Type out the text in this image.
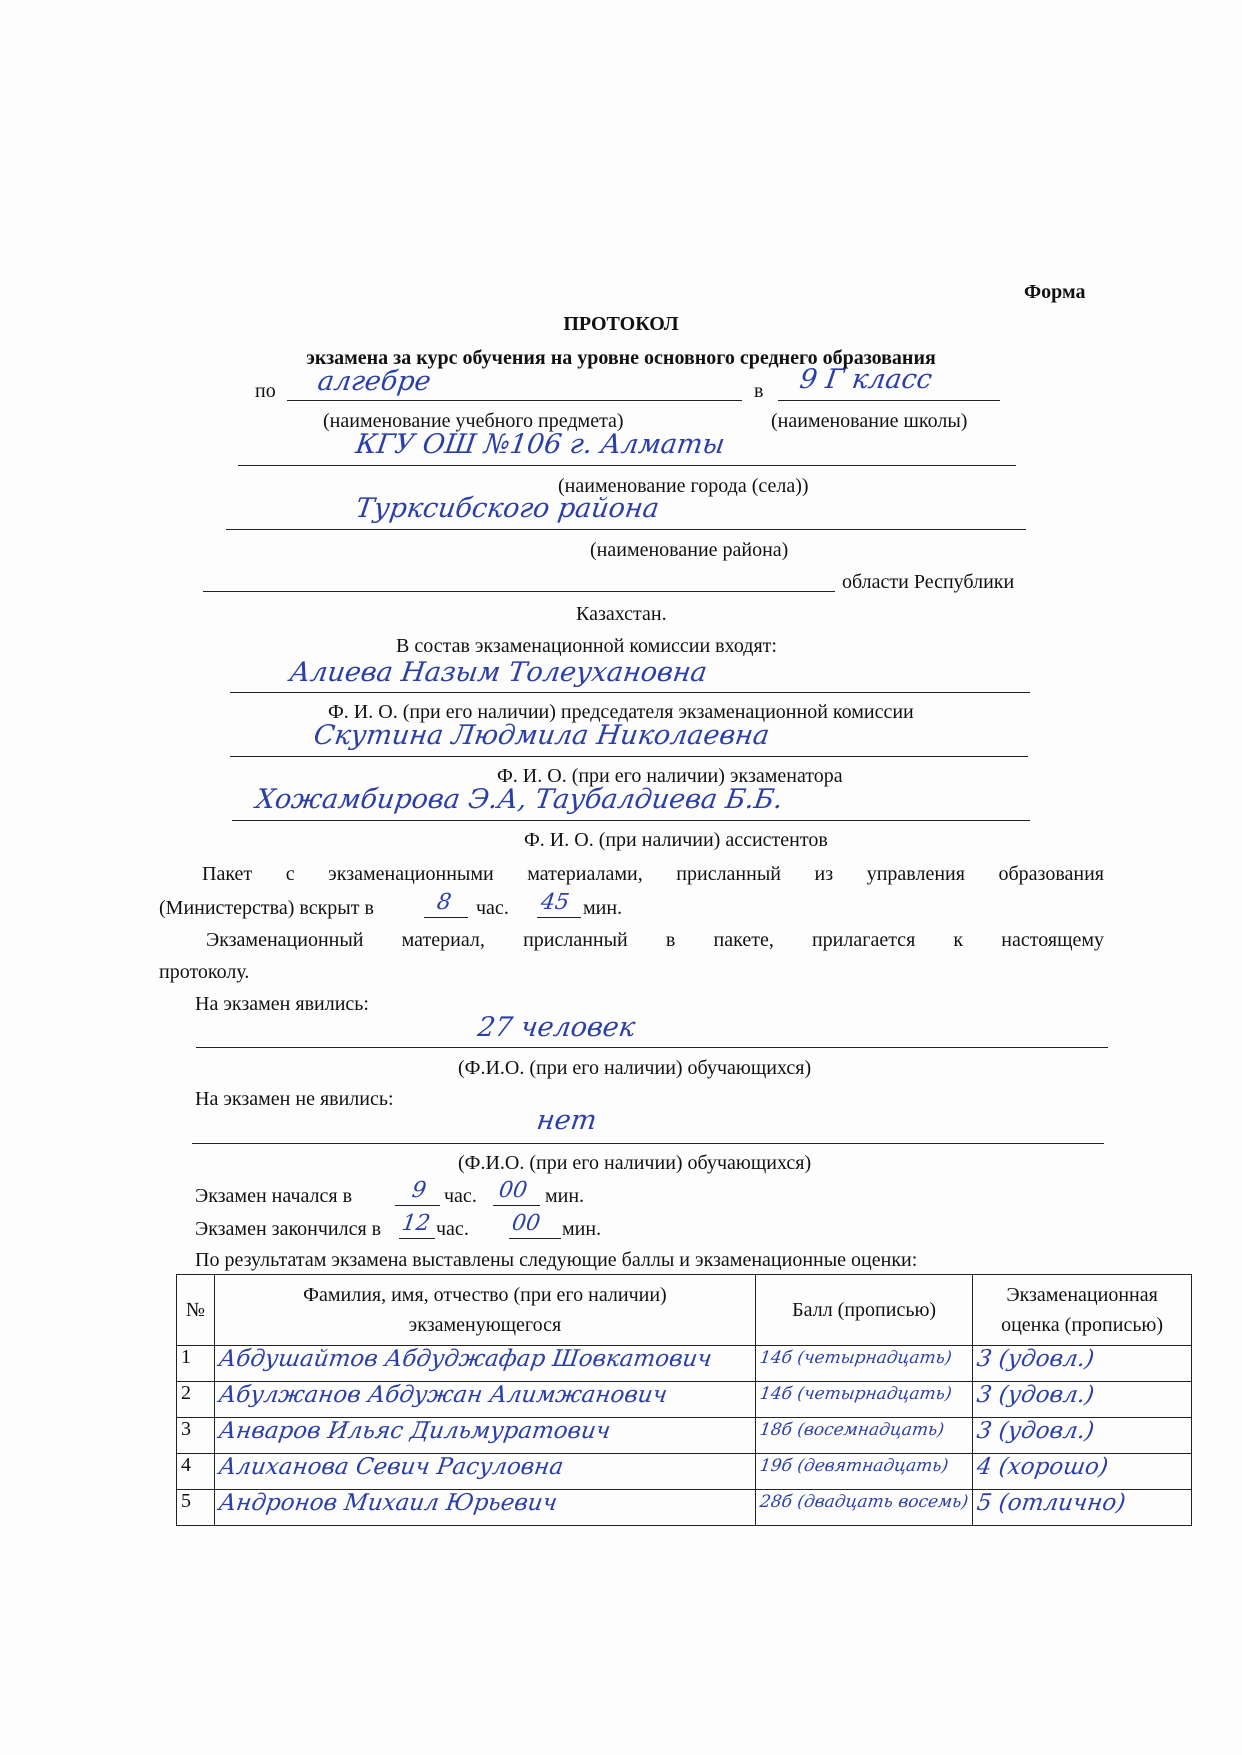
Форма
ПРОТОКОЛ
экзамена за курс обучения на уровне основного среднего образования
по алгебре	в 9 Г класс
(наименование учебного предмета)	(наименование школы)
КГУ ОШ №106 г. Алматы
(наименование города (села))
Турксибского района
(наименование района)
области Республики
Казахстан.
В состав экзаменационной комиссии входят:
Алиева Назым Толеухановна
Ф. И. О. (при его наличии) председателя экзаменационной комиссии
Скутина Людмила Николаевна
Ф. И. О. (при его наличии) экзаменатора
Хожамбирова Э.А, Таубалдиева Б.Б.
Ф. И. О. (при наличии) ассистентов
Пакет с экзаменационными материалами, присланный из управления образования
(Министерства) вскрыт в	8 час. 45 мин.
Экзаменационный материал, присланный в пакете, прилагается к настоящему
протоколу.
На экзамен явились:
27 человек
(Ф.И.О. (при его наличии) обучающихся)
На экзамен не явились:
нет
(Ф.И.О. (при его наличии) обучающихся)
Экзамен начался в	9 час. 00 мин.
Экзамен закончился в 12 час. 00 мин.
По результатам экзамена выставлены следующие баллы и экзаменационные оценки:
№	Фамилия, имя, отчество (при его наличии) экзаменующегося	Балл (прописью)	Экзаменационная оценка (прописью)
1	Абдушайтов Абдуджафар Шовкатович	14б (четырнадцать)	3 (удовл.)
2	Абулжанов Абдужан Алимжанович	14б (четырнадцать)	3 (удовл.)
3	Анваров Ильяс Дильмуратович	18б (восемнадцать)	3 (удовл.)
4	Алиханова Севич Расуловна	19б (девятнадцать)	4 (хорошо)
5	Андронов Михаил Юрьевич	28б (двадцать восемь)	5 (отлично)
